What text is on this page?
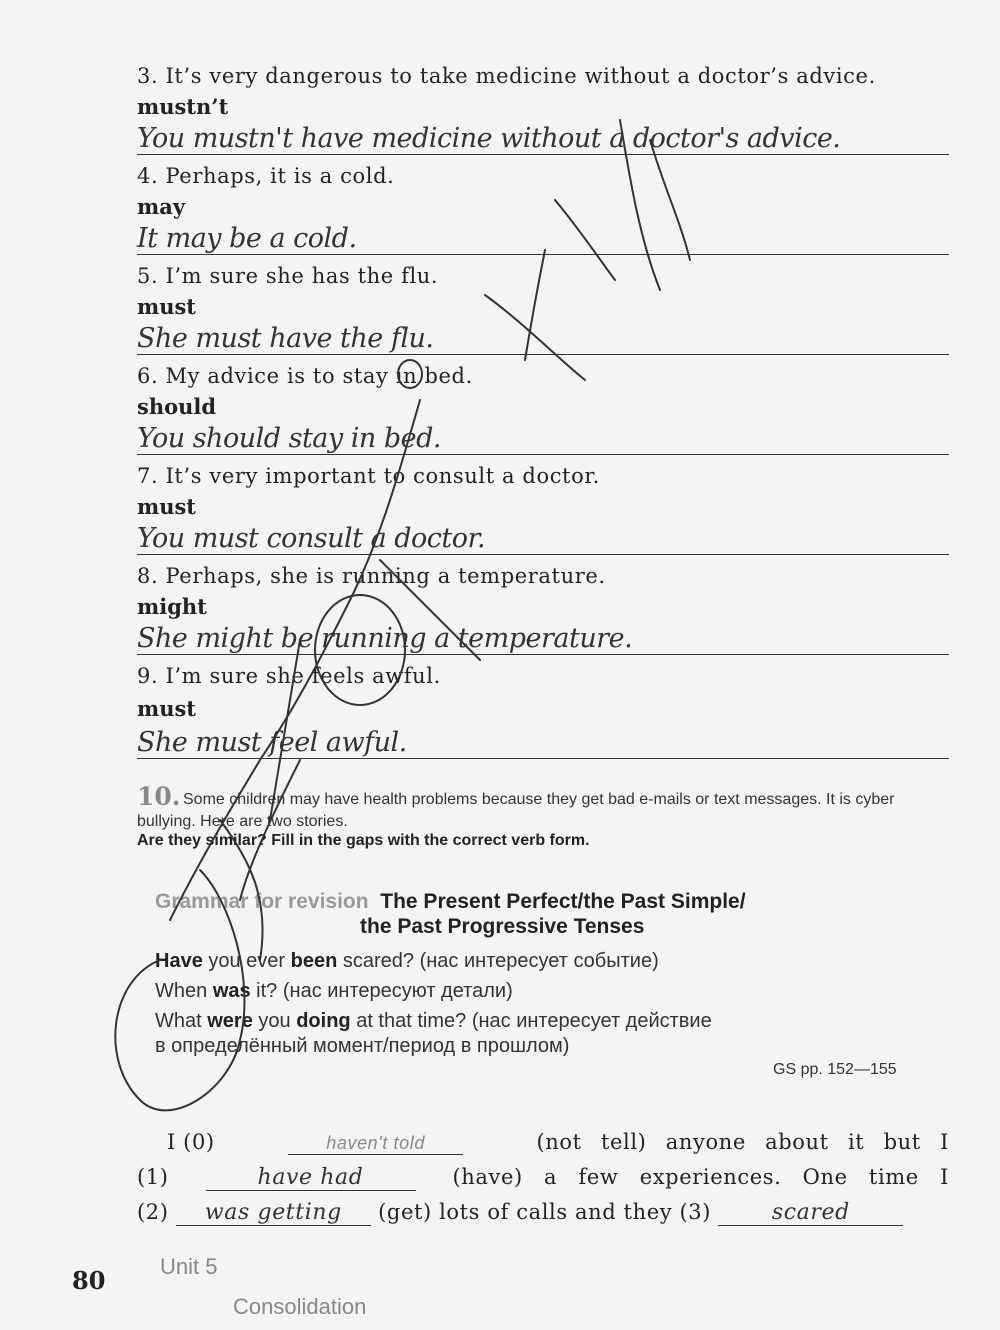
3. It’s very dangerous to take medicine without a doctor’s advice.
mustn’t
You mustn't have medicine without a doctor's advice.
4. Perhaps, it is a cold.
may
It may be a cold.
5. I’m sure she has the flu.
must
She must have the flu.
6. My advice is to stay in bed.
should
You should stay in bed.
7. It’s very important to consult a doctor.
must
You must consult a doctor.
8. Perhaps, she is running a temperature.
might
She might be running a temperature.
9. I’m sure she feels awful.
must
She must feel awful.
10. Some children may have health problems because they get bad e-mails or text messages. It is cyber bullying. Here are two stories.
Are they similar? Fill in the gaps with the correct verb form.
Grammar for revision The Present Perfect/the Past Simple/
the Past Progressive Tenses
Have you ever been scared? (нас интересует событие)
When was it? (нас интересуют детали)
What were you doing at that time? (нас интересует действие
в определённый момент/период в прошлом)
GS pp. 152—155
I (0)	haven't told	(not tell) anyone about it but I
(1)	have had	(have) a few experiences. One time I
(2) was getting (get) lots of calls and they (3)	scared
80 Unit 5
Consolidation
